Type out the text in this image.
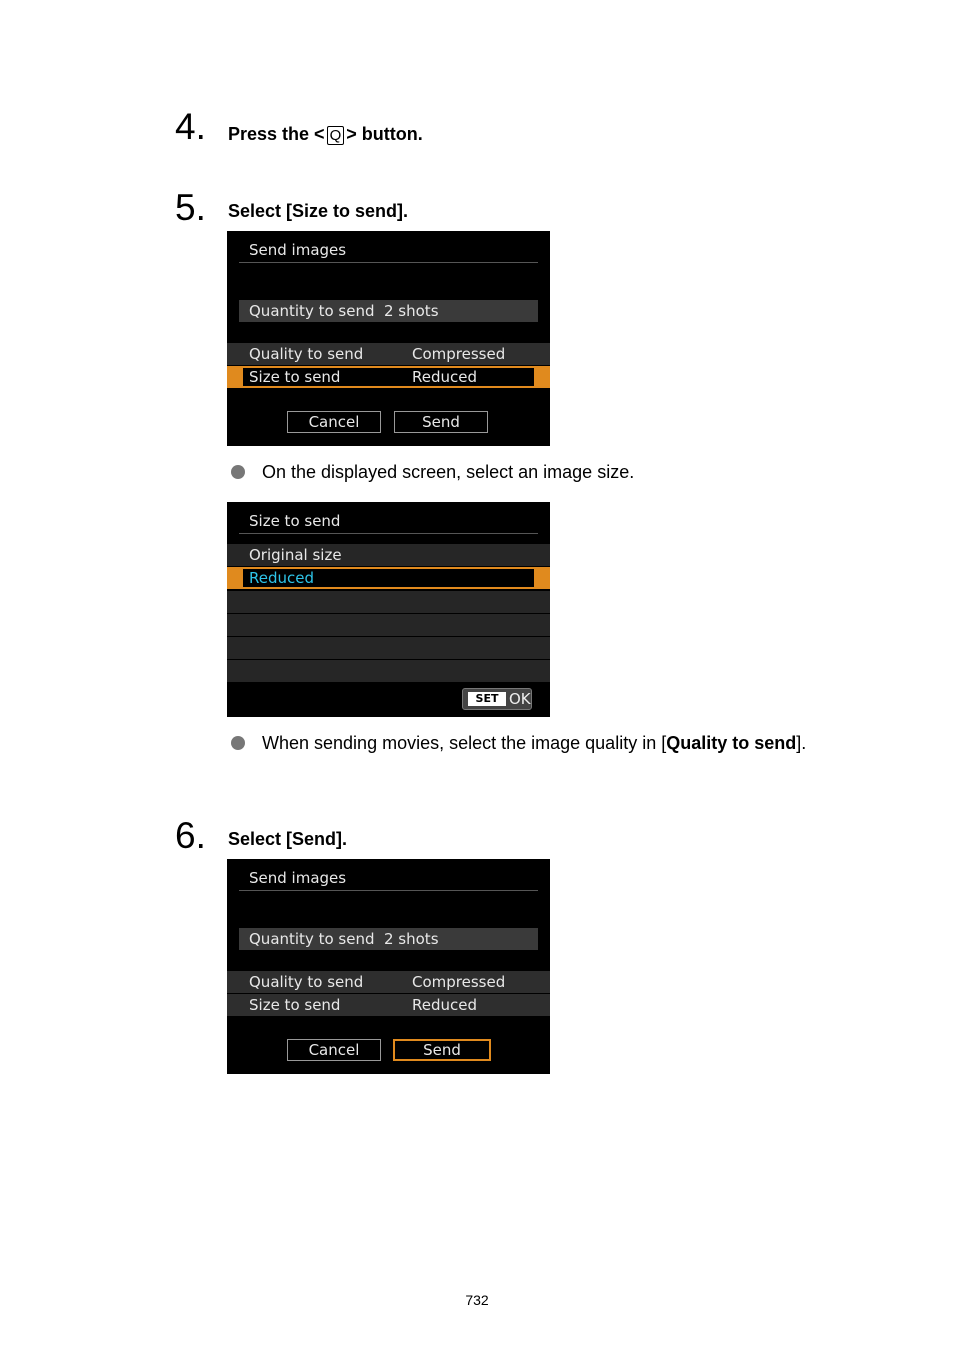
4. Press the < Q > button.
5. Select [Size to send].
Send images
Quantity to send 2 shots
Quality to send	Compressed
Size to send	Reduced
Cancel	Send
On the displayed screen, select an image size.
Size to send
Original size
Reduced
SET OK
When sending movies, select the image quality in [Quality to send].
6. Select [Send].
Send images
Quantity to send 2 shots
Quality to send	Compressed
Size to send	Reduced
Cancel	Send
732
